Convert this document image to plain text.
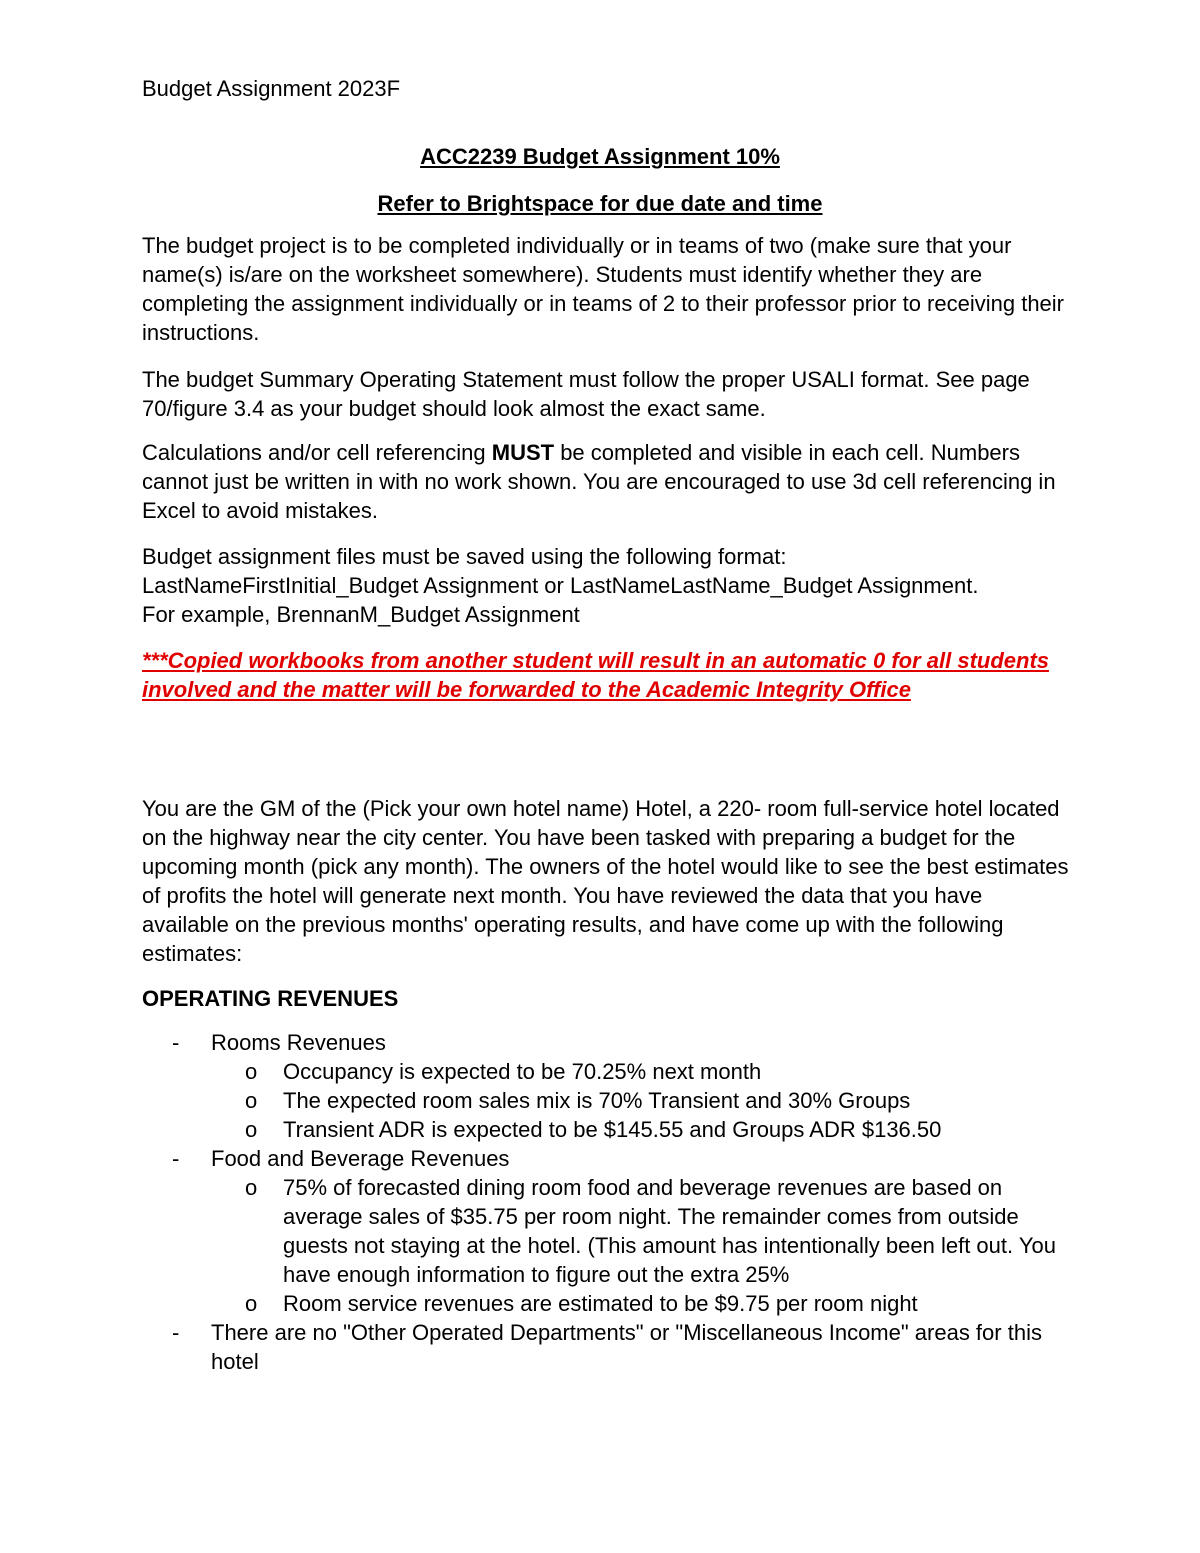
Budget Assignment 2023F
ACC2239 Budget Assignment 10%
Refer to Brightspace for due date and time

The budget project is to be completed individually or in teams of two (make sure that your name(s) is/are on the worksheet somewhere). Students must identify whether they are completing the assignment individually or in teams of 2 to their professor prior to receiving their instructions.

The budget Summary Operating Statement must follow the proper USALI format. See page 70/figure 3.4 as your budget should look almost the exact same.

Calculations and/or cell referencing MUST be completed and visible in each cell. Numbers cannot just be written in with no work shown. You are encouraged to use 3d cell referencing in Excel to avoid mistakes.

Budget assignment files must be saved using the following format:
LastNameFirstInitial_Budget Assignment or LastNameLastName_Budget Assignment.
For example, BrennanM_Budget Assignment

***Copied workbooks from another student will result in an automatic 0 for all students involved and the matter will be forwarded to the Academic Integrity Office

You are the GM of the (Pick your own hotel name) Hotel, a 220- room full-service hotel located on the highway near the city center. You have been tasked with preparing a budget for the upcoming month (pick any month). The owners of the hotel would like to see the best estimates of profits the hotel will generate next month. You have reviewed the data that you have available on the previous months' operating results, and have come up with the following estimates:

OPERATING REVENUES
- Rooms Revenues
o Occupancy is expected to be 70.25% next month
o The expected room sales mix is 70% Transient and 30% Groups
o Transient ADR is expected to be $145.55 and Groups ADR $136.50
- Food and Beverage Revenues
o 75% of forecasted dining room food and beverage revenues are based on average sales of $35.75 per room night. The remainder comes from outside guests not staying at the hotel. (This amount has intentionally been left out. You have enough information to figure out the extra 25%
o Room service revenues are estimated to be $9.75 per room night
- There are no "Other Operated Departments" or "Miscellaneous Income" areas for this hotel
